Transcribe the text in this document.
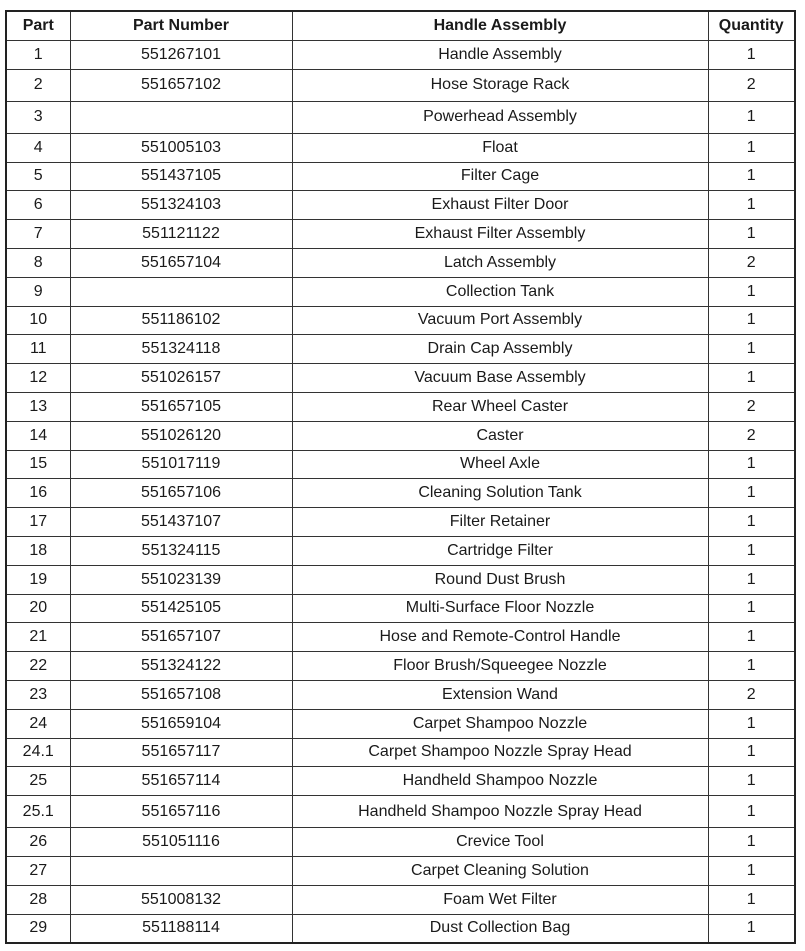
Part	Part Number	Handle Assembly	Quantity
1	551267101	Handle Assembly	1
2	551657102	Hose Storage Rack	2
3		Powerhead Assembly	1
4	551005103	Float	1
5	551437105	Filter Cage	1
6	551324103	Exhaust Filter Door	1
7	551121122	Exhaust Filter Assembly	1
8	551657104	Latch Assembly	2
9		Collection Tank	1
10	551186102	Vacuum Port Assembly	1
11	551324118	Drain Cap Assembly	1
12	551026157	Vacuum Base Assembly	1
13	551657105	Rear Wheel Caster	2
14	551026120	Caster	2
15	551017119	Wheel Axle	1
16	551657106	Cleaning Solution Tank	1
17	551437107	Filter Retainer	1
18	551324115	Cartridge Filter	1
19	551023139	Round Dust Brush	1
20	551425105	Multi-Surface Floor Nozzle	1
21	551657107	Hose and Remote-Control Handle	1
22	551324122	Floor Brush/Squeegee Nozzle	1
23	551657108	Extension Wand	2
24	551659104	Carpet Shampoo Nozzle	1
24.1	551657117	Carpet Shampoo Nozzle Spray Head	1
25	551657114	Handheld Shampoo Nozzle	1
25.1	551657116	Handheld Shampoo Nozzle Spray Head	1
26	551051116	Crevice Tool	1
27		Carpet Cleaning Solution	1
28	551008132	Foam Wet Filter	1
29	551188114	Dust Collection Bag	1
